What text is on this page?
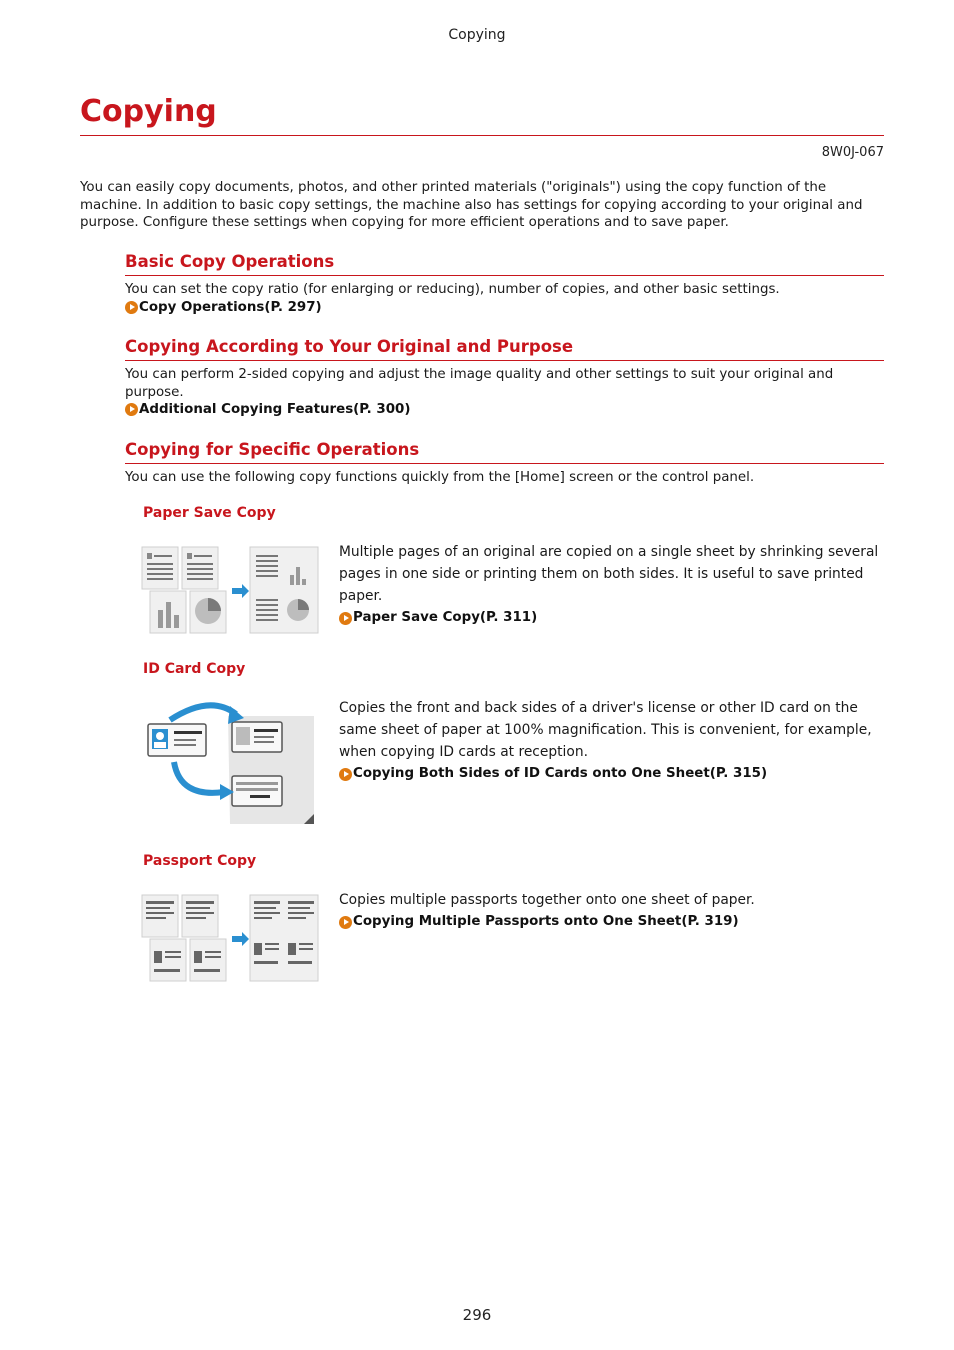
Copying
Copying
8W0J-067
You can easily copy documents, photos, and other printed materials ("originals") using the copy function of the machine. In addition to basic copy settings, the machine also has settings for copying according to your original and purpose. Configure these settings when copying for more efficient operations and to save paper.
Basic Copy Operations
You can set the copy ratio (for enlarging or reducing), number of copies, and other basic settings.
Copy Operations(P. 297)
Copying According to Your Original and Purpose
You can perform 2-sided copying and adjust the image quality and other settings to suit your original and purpose.
Additional Copying Features(P. 300)
Copying for Specific Operations
You can use the following copy functions quickly from the [Home] screen or the control panel.
Paper Save Copy
Multiple pages of an original are copied on a single sheet by shrinking several pages in one side or printing them on both sides. It is useful to save printed paper.
Paper Save Copy(P. 311)
ID Card Copy
Copies the front and back sides of a driver's license or other ID card on the same sheet of paper at 100% magnification. This is convenient, for example, when copying ID cards at reception.
Copying Both Sides of ID Cards onto One Sheet(P. 315)
Passport Copy
Copies multiple passports together onto one sheet of paper.
Copying Multiple Passports onto One Sheet(P. 319)
296
